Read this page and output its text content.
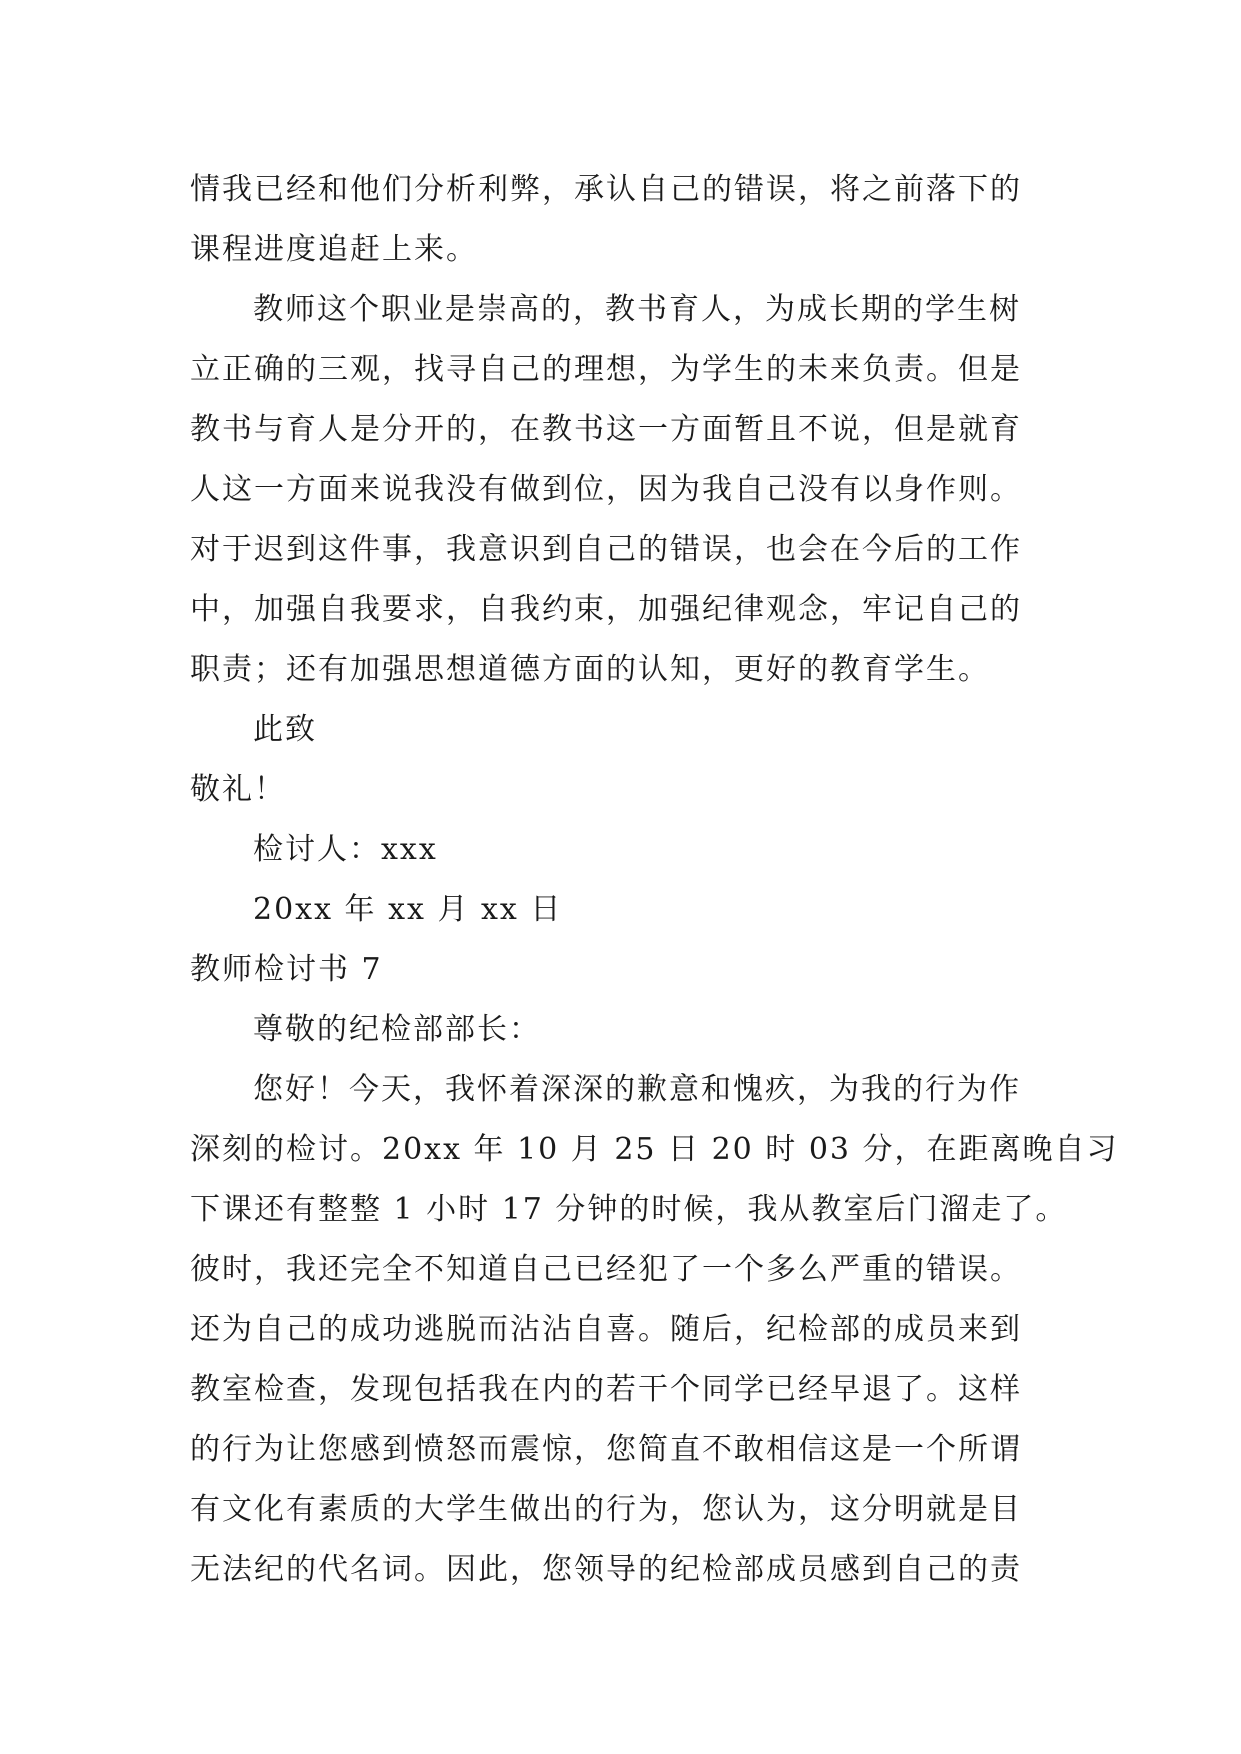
情我已经和他们分析利弊，承认自己的错误，将之前落下的
课程进度追赶上来。
教师这个职业是崇高的，教书育人，为成长期的学生树
立正确的三观，找寻自己的理想，为学生的未来负责。但是
教书与育人是分开的，在教书这一方面暂且不说，但是就育
人这一方面来说我没有做到位，因为我自己没有以身作则。
对于迟到这件事，我意识到自己的错误，也会在今后的工作
中，加强自我要求，自我约束，加强纪律观念，牢记自己的
职责；还有加强思想道德方面的认知，更好的教育学生。
此致
敬礼！
检讨人：xxx
20xx 年 xx 月 xx 日
教师检讨书 7
尊敬的纪检部部长：
您好！今天，我怀着深深的歉意和愧疚，为我的行为作
深刻的检讨。20xx 年 10 月 25 日 20 时 03 分，在距离晚自习
下课还有整整 1 小时 17 分钟的时候，我从教室后门溜走了。
彼时，我还完全不知道自己已经犯了一个多么严重的错误。
还为自己的成功逃脱而沾沾自喜。随后，纪检部的成员来到
教室检查，发现包括我在内的若干个同学已经早退了。这样
的行为让您感到愤怒而震惊，您简直不敢相信这是一个所谓
有文化有素质的大学生做出的行为，您认为，这分明就是目
无法纪的代名词。因此，您领导的纪检部成员感到自己的责
